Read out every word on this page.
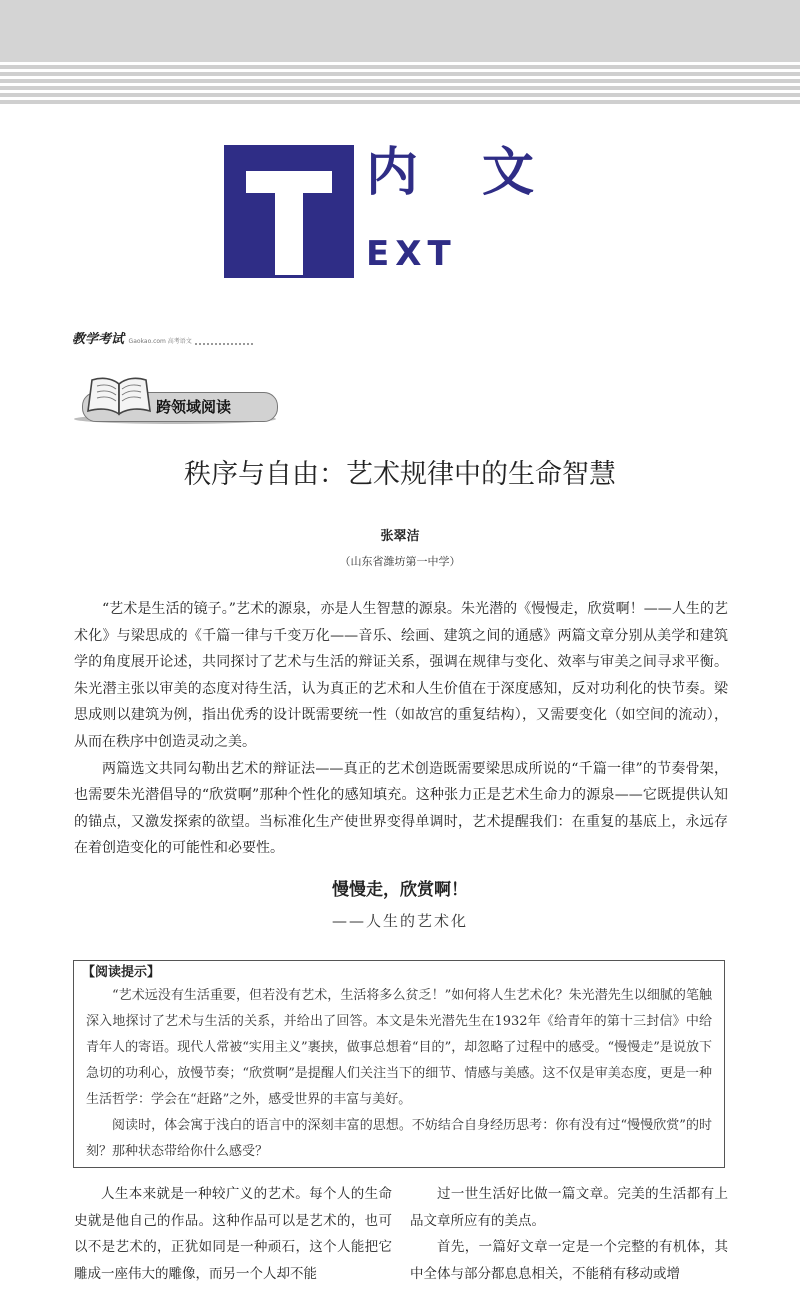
内文
EXT
教学考试 Gaokao.com 高考语文
跨领域阅读
秩序与自由：艺术规律中的生命智慧
张翠洁
（山东省潍坊第一中学）

“艺术是生活的镜子。”艺术的源泉，亦是人生智慧的源泉。朱光潜的《慢慢走，欣赏啊！——人生的艺术化》与梁思成的《千篇一律与千变万化——音乐、绘画、建筑之间的通感》两篇文章分别从美学和建筑学的角度展开论述，共同探讨了艺术与生活的辩证关系，强调在规律与变化、效率与审美之间寻求平衡。朱光潜主张以审美的态度对待生活，认为真正的艺术和人生价值在于深度感知，反对功利化的快节奏。梁思成则以建筑为例，指出优秀的设计既需要统一性（如故宫的重复结构），又需要变化（如空间的流动），从而在秩序中创造灵动之美。

两篇选文共同勾勒出艺术的辩证法——真正的艺术创造既需要梁思成所说的“千篇一律”的节奏骨架，也需要朱光潜倡导的“欣赏啊”那种个性化的感知填充。这种张力正是艺术生命力的源泉——它既提供认知的锚点，又激发探索的欲望。当标准化生产使世界变得单调时，艺术提醒我们：在重复的基底上，永远存在着创造变化的可能性和必要性。

慢慢走，欣赏啊！
——人生的艺术化
【阅读提示】

“艺术远没有生活重要，但若没有艺术，生活将多么贫乏！”如何将人生艺术化？朱光潜先生以细腻的笔触深入地探讨了艺术与生活的关系，并给出了回答。本文是朱光潜先生在1932年《给青年的第十三封信》中给青年人的寄语。现代人常被“实用主义”裹挟，做事总想着“目的”，却忽略了过程中的感受。“慢慢走”是说放下急切的功利心，放慢节奏；“欣赏啊”是提醒人们关注当下的细节、情感与美感。这不仅是审美态度，更是一种生活哲学：学会在“赶路”之外，感受世界的丰富与美好。

阅读时，体会寓于浅白的语言中的深刻丰富的思想。不妨结合自身经历思考：你有没有过“慢慢欣赏”的时刻？那种状态带给你什么感受？

人生本来就是一种较广义的艺术。每个人的生命史就是他自己的作品。这种作品可以是艺术的，也可以不是艺术的，正犹如同是一种顽石，这个人能把它雕成一座伟大的雕像，而另一个人却不能

过一世生活好比做一篇文章。完美的生活都有上品文章所应有的美点。

首先，一篇好文章一定是一个完整的有机体，其中全体与部分都息息相关，不能稍有移动或增
